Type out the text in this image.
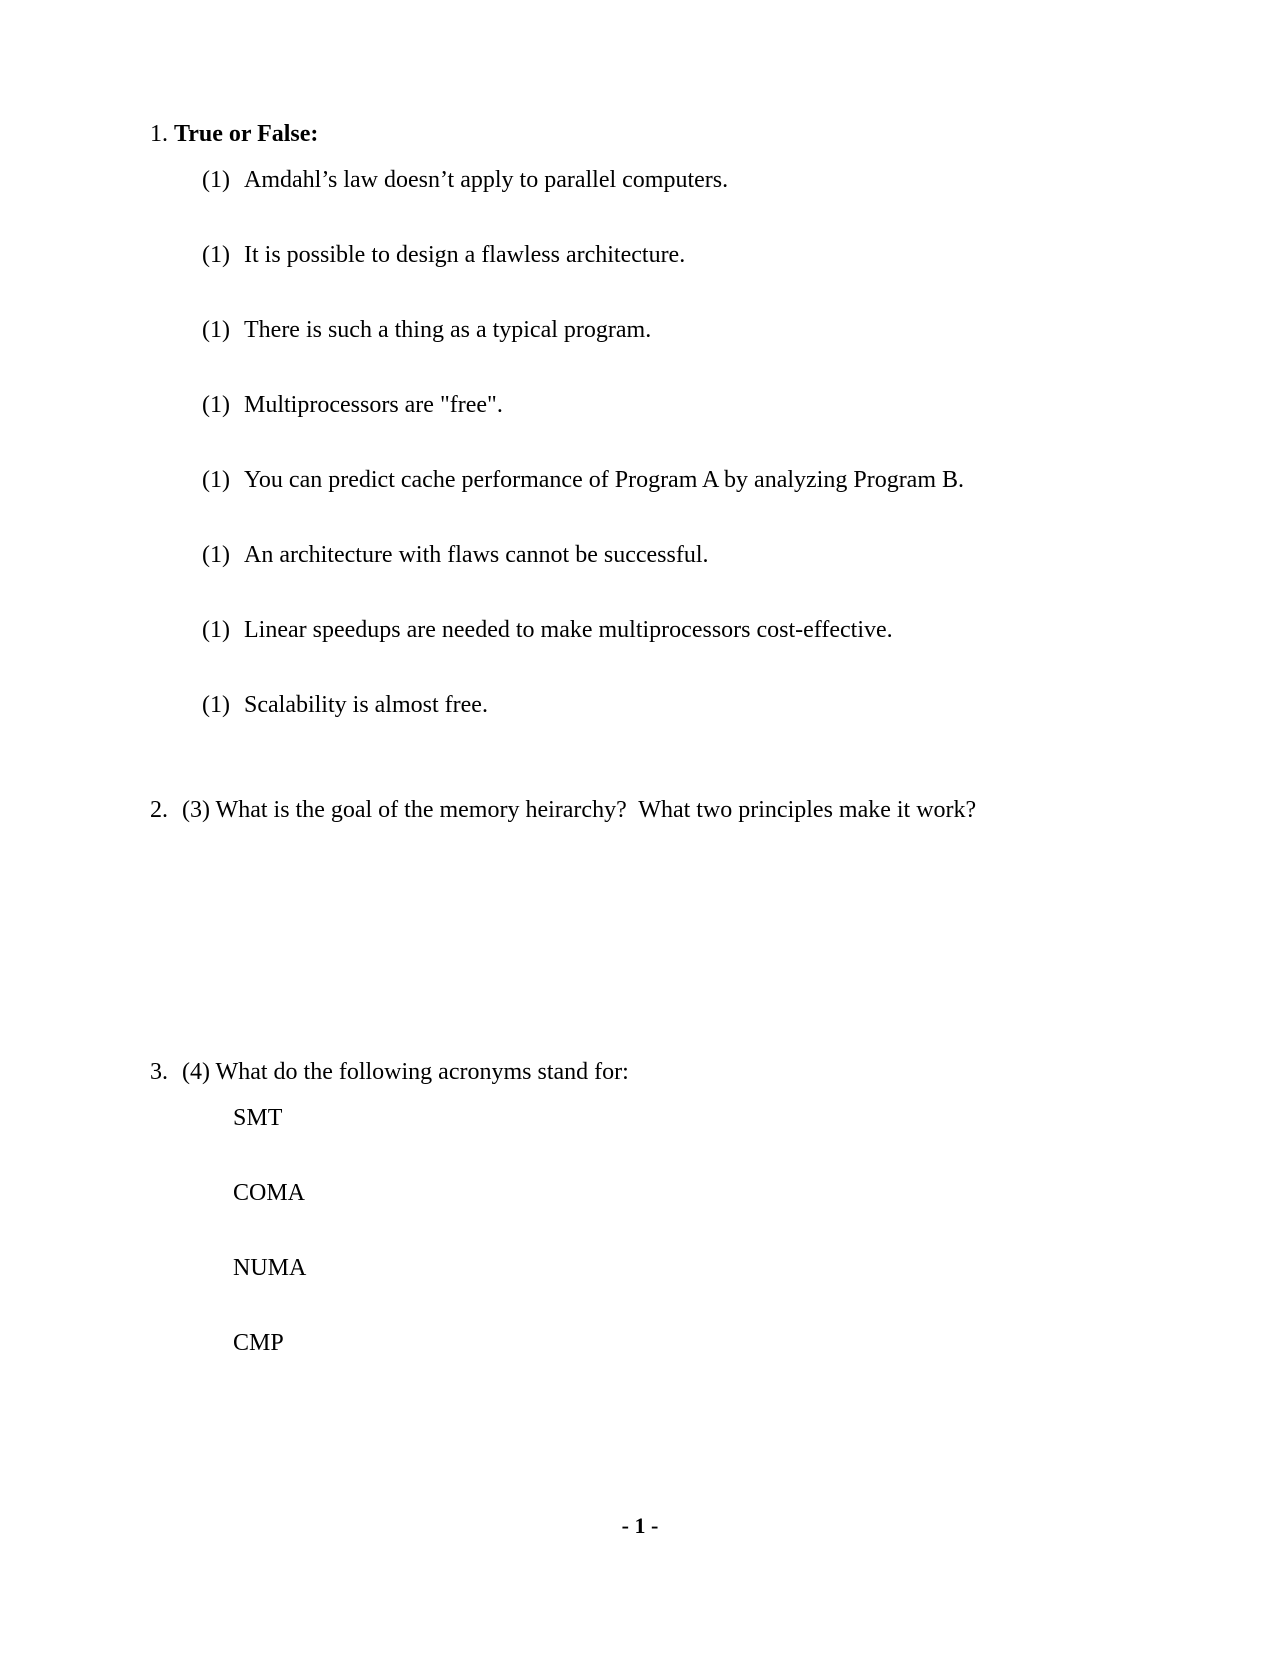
1. True or False:
(1) Amdahl’s law doesn’t apply to parallel computers.
(1) It is possible to design a flawless architecture.
(1) There is such a thing as a typical program.
(1) Multiprocessors are "free".
(1) You can predict cache performance of Program A by analyzing Program B.
(1) An architecture with flaws cannot be successful.
(1) Linear speedups are needed to make multiprocessors cost-effective.
(1) Scalability is almost free.
2. (3) What is the goal of the memory heirarchy?  What two principles make it work?
3. (4) What do the following acronyms stand for:
SMT
COMA
NUMA
CMP
- 1 -
